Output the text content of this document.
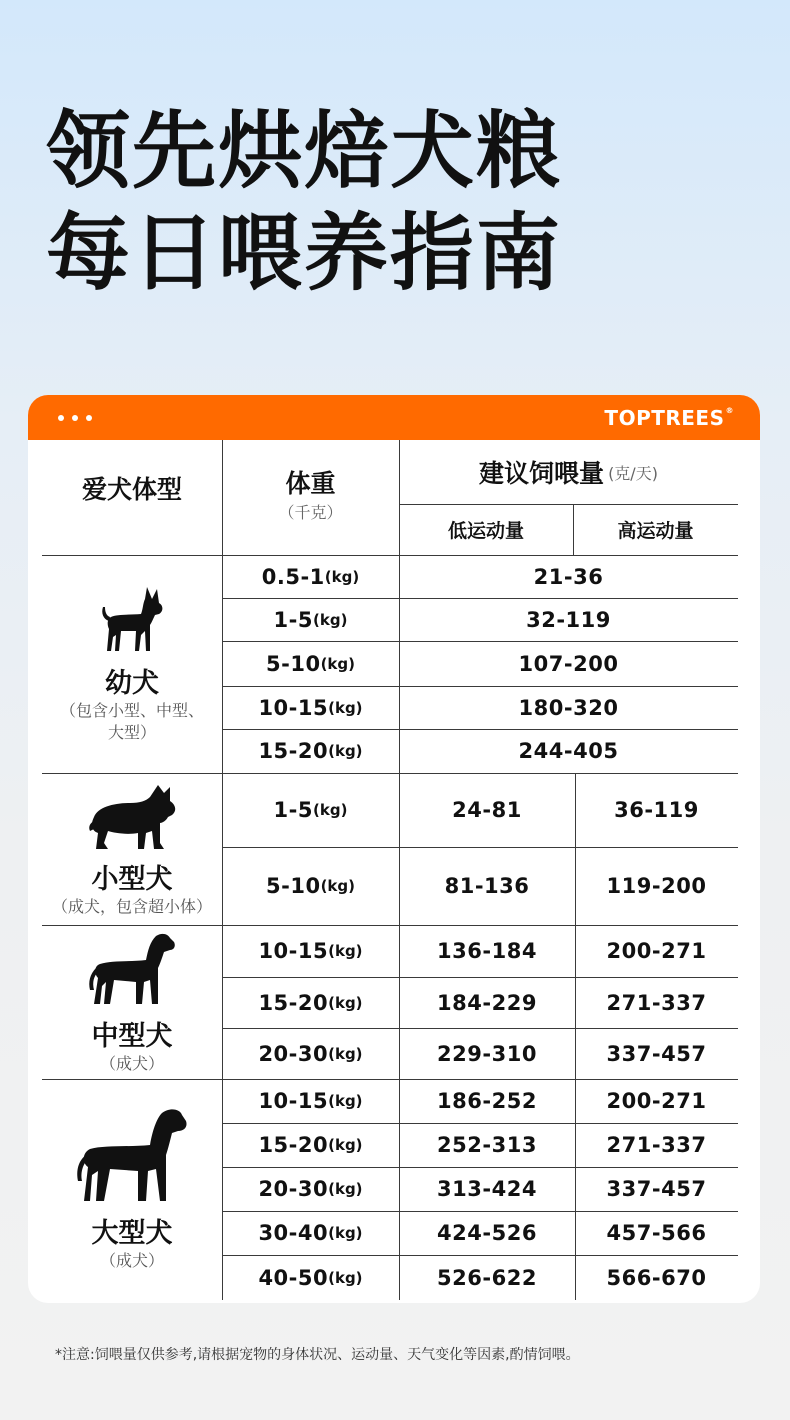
领先烘焙犬粮
每日喂养指南
TOPTREES®
爱犬体型	体重
（千克）
建议饲喂量 (克/天)
低运动量	高运动量
幼犬
（包含小型、中型、大型）
0.5-1 (kg)	21-36
1-5 (kg)	32-119
5-10 (kg)	107-200
10-15 (kg)	180-320
15-20 (kg)	244-405
小型犬
（成犬，包含超小体）
1-5 (kg)	24-81	36-119
5-10 (kg)	81-136	119-200
中型犬
（成犬）
10-15 (kg)	136-184	200-271
15-20 (kg)	184-229	271-337
20-30 (kg)	229-310	337-457
大型犬
（成犬）
10-15 (kg)	186-252	200-271
15-20 (kg)	252-313	271-337
20-30 (kg)	313-424	337-457
30-40 (kg)	424-526	457-566
40-50 (kg)	526-622	566-670
*注意:饲喂量仅供参考,请根据宠物的身体状况、运动量、天气变化等因素,酌情饲喂。
